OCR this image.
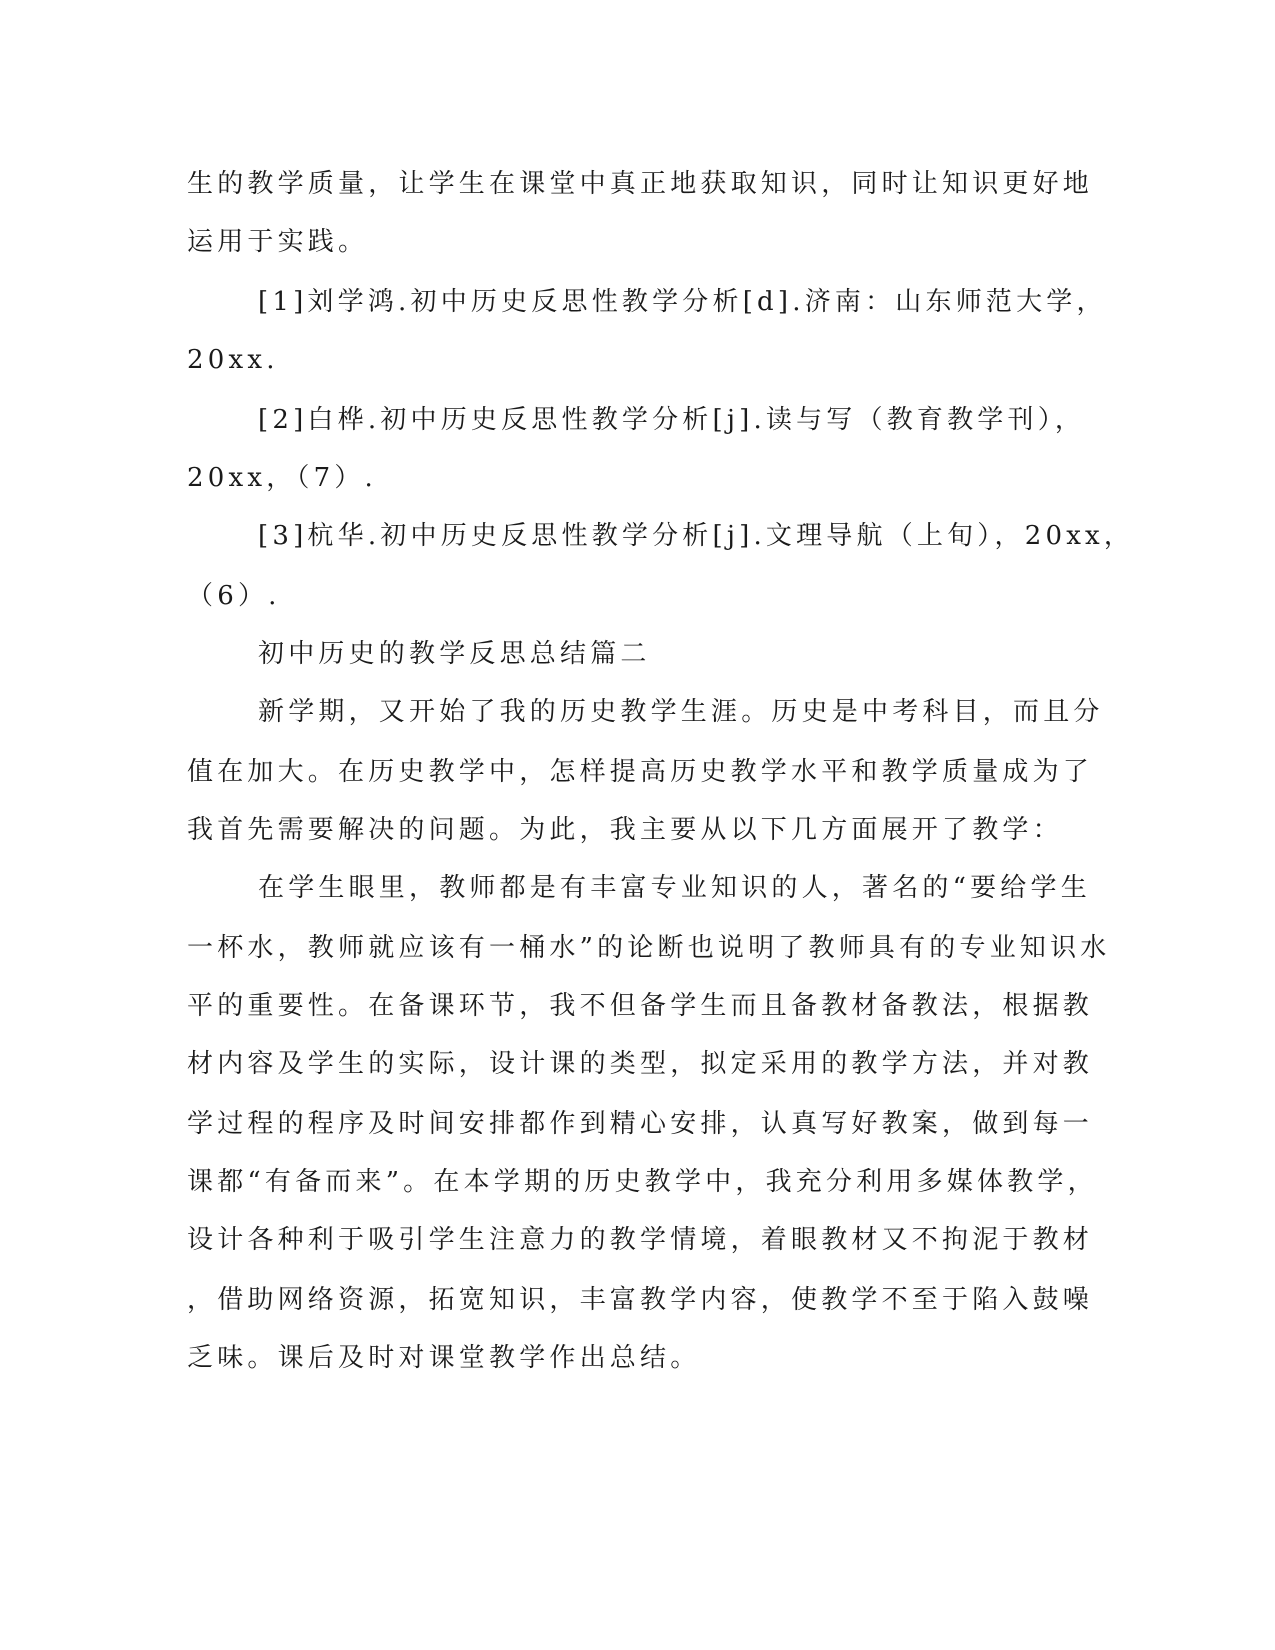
生的教学质量，让学生在课堂中真正地获取知识，同时让知识更好地
运用于实践。
[1]刘学鸿.初中历史反思性教学分析[d].济南：山东师范大学，
20xx.
[2]白桦.初中历史反思性教学分析[j].读与写（教育教学刊），
20xx，（7）.
[3]杭华.初中历史反思性教学分析[j].文理导航（上旬），20xx，
（6）.
初中历史的教学反思总结篇二
新学期，又开始了我的历史教学生涯。历史是中考科目，而且分
值在加大。在历史教学中，怎样提高历史教学水平和教学质量成为了
我首先需要解决的问题。为此，我主要从以下几方面展开了教学：
在学生眼里，教师都是有丰富专业知识的人，著名的“要给学生
一杯水，教师就应该有一桶水”的论断也说明了教师具有的专业知识水
平的重要性。在备课环节，我不但备学生而且备教材备教法，根据教
材内容及学生的实际，设计课的类型，拟定采用的教学方法，并对教
学过程的程序及时间安排都作到精心安排，认真写好教案，做到每一
课都“有备而来”。在本学期的历史教学中，我充分利用多媒体教学，
设计各种利于吸引学生注意力的教学情境，着眼教材又不拘泥于教材
，借助网络资源，拓宽知识，丰富教学内容，使教学不至于陷入鼓噪
乏味。课后及时对课堂教学作出总结。
